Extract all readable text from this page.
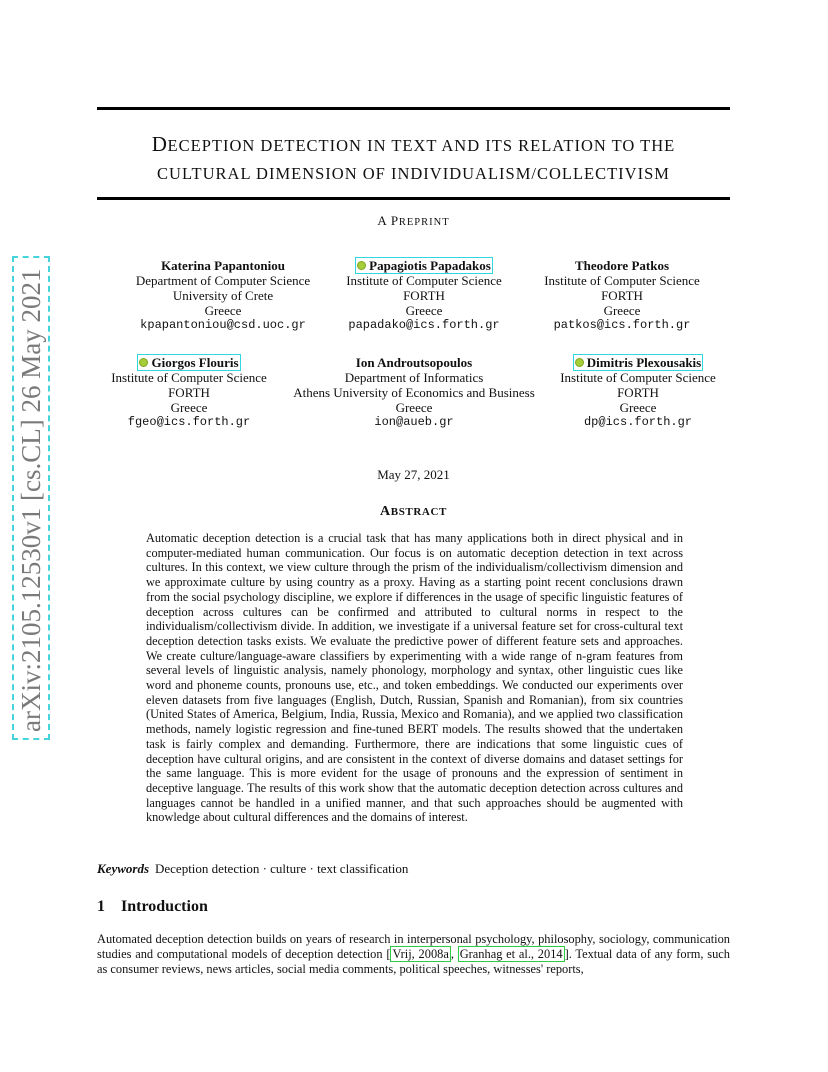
arXiv:2105.12530v1 [cs.CL] 26 May 2021
DECEPTION DETECTION IN TEXT AND ITS RELATION TO THE
CULTURAL DIMENSION OF INDIVIDUALISM/COLLECTIVISM
A PREPRINT
Katerina Papantoniou
Department of Computer Science
University of Crete
Greece
kpapantoniou@csd.uoc.gr
Papagiotis Papadakos
Institute of Computer Science
FORTH
Greece
papadako@ics.forth.gr
Theodore Patkos
Institute of Computer Science
FORTH
Greece
patkos@ics.forth.gr
Giorgos Flouris
Institute of Computer Science
FORTH
Greece
fgeo@ics.forth.gr
Ion Androutsopoulos
Department of Informatics
Athens University of Economics and Business
Greece
ion@aueb.gr
Dimitris Plexousakis
Institute of Computer Science
FORTH
Greece
dp@ics.forth.gr
May 27, 2021
ABSTRACT

Automatic deception detection is a crucial task that has many applications both in direct physical and in computer-mediated human communication. Our focus is on automatic deception detection in text across cultures. In this context, we view culture through the prism of the individualism/collectivism dimension and we approximate culture by using country as a proxy. Having as a starting point recent conclusions drawn from the social psychology discipline, we explore if differences in the usage of specific linguistic features of deception across cultures can be confirmed and attributed to cultural norms in respect to the individualism/collectivism divide. In addition, we investigate if a universal feature set for cross-cultural text deception detection tasks exists. We evaluate the predictive power of different feature sets and approaches. We create culture/language-aware classifiers by experimenting with a wide range of n-gram features from several levels of linguistic analysis, namely phonology, morphology and syntax, other linguistic cues like word and phoneme counts, pronouns use, etc., and token embeddings. We conducted our experiments over eleven datasets from five languages (English, Dutch, Russian, Spanish and Romanian), from six countries (United States of America, Belgium, India, Russia, Mexico and Romania), and we applied two classification methods, namely logistic regression and fine-tuned BERT models. The results showed that the undertaken task is fairly complex and demanding. Furthermore, there are indications that some linguistic cues of deception have cultural origins, and are consistent in the context of diverse domains and dataset settings for the same language. This is more evident for the usage of pronouns and the expression of sentiment in deceptive language. The results of this work show that the automatic deception detection across cultures and languages cannot be handled in a unified manner, and that such approaches should be augmented with knowledge about cultural differences and the domains of interest.

Keywords Deception detection · culture · text classification
1 Introduction
Automated deception detection builds on years of research in interpersonal psychology, philosophy, sociology, communication studies and computational models of deception detection [ Vrij, 2008a , Granhag et al., 2014 ]. Textual data of any form, such as consumer reviews, news articles, social media comments, political speeches, witnesses' reports,
